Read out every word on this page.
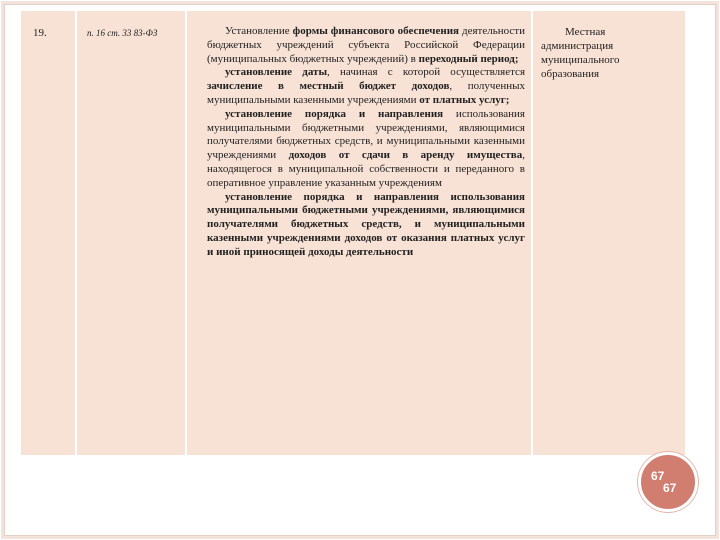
19.	п. 16 ст. 33 83-ФЗ	Установление формы финансового обеспечения деятельности бюджетных учреждений субъекта Российской Федерации (муниципальных бюджетных учреждений) в переходный период;

установление даты, начиная с которой осуществляется зачисление в местный бюджет доходов, полученных муниципальными казенными учреждениями от платных услуг;

установление порядка и направления использования муниципальными бюджетными учреждениями, являющимися получателями бюджетных средств, и муниципальными казенными учреждениями доходов от сдачи в аренду имущества, находящегося в муниципальной собственности и переданного в оперативное управление указанным учреждениям

установление порядка и направления использования муниципальными бюджетными учреждениями, являющимися получателями бюджетных средств, и муниципальными казенными учреждениями доходов от оказания платных услуг и иной приносящей доходы деятельности

Местная
администрация
муниципального
образования
67
67
